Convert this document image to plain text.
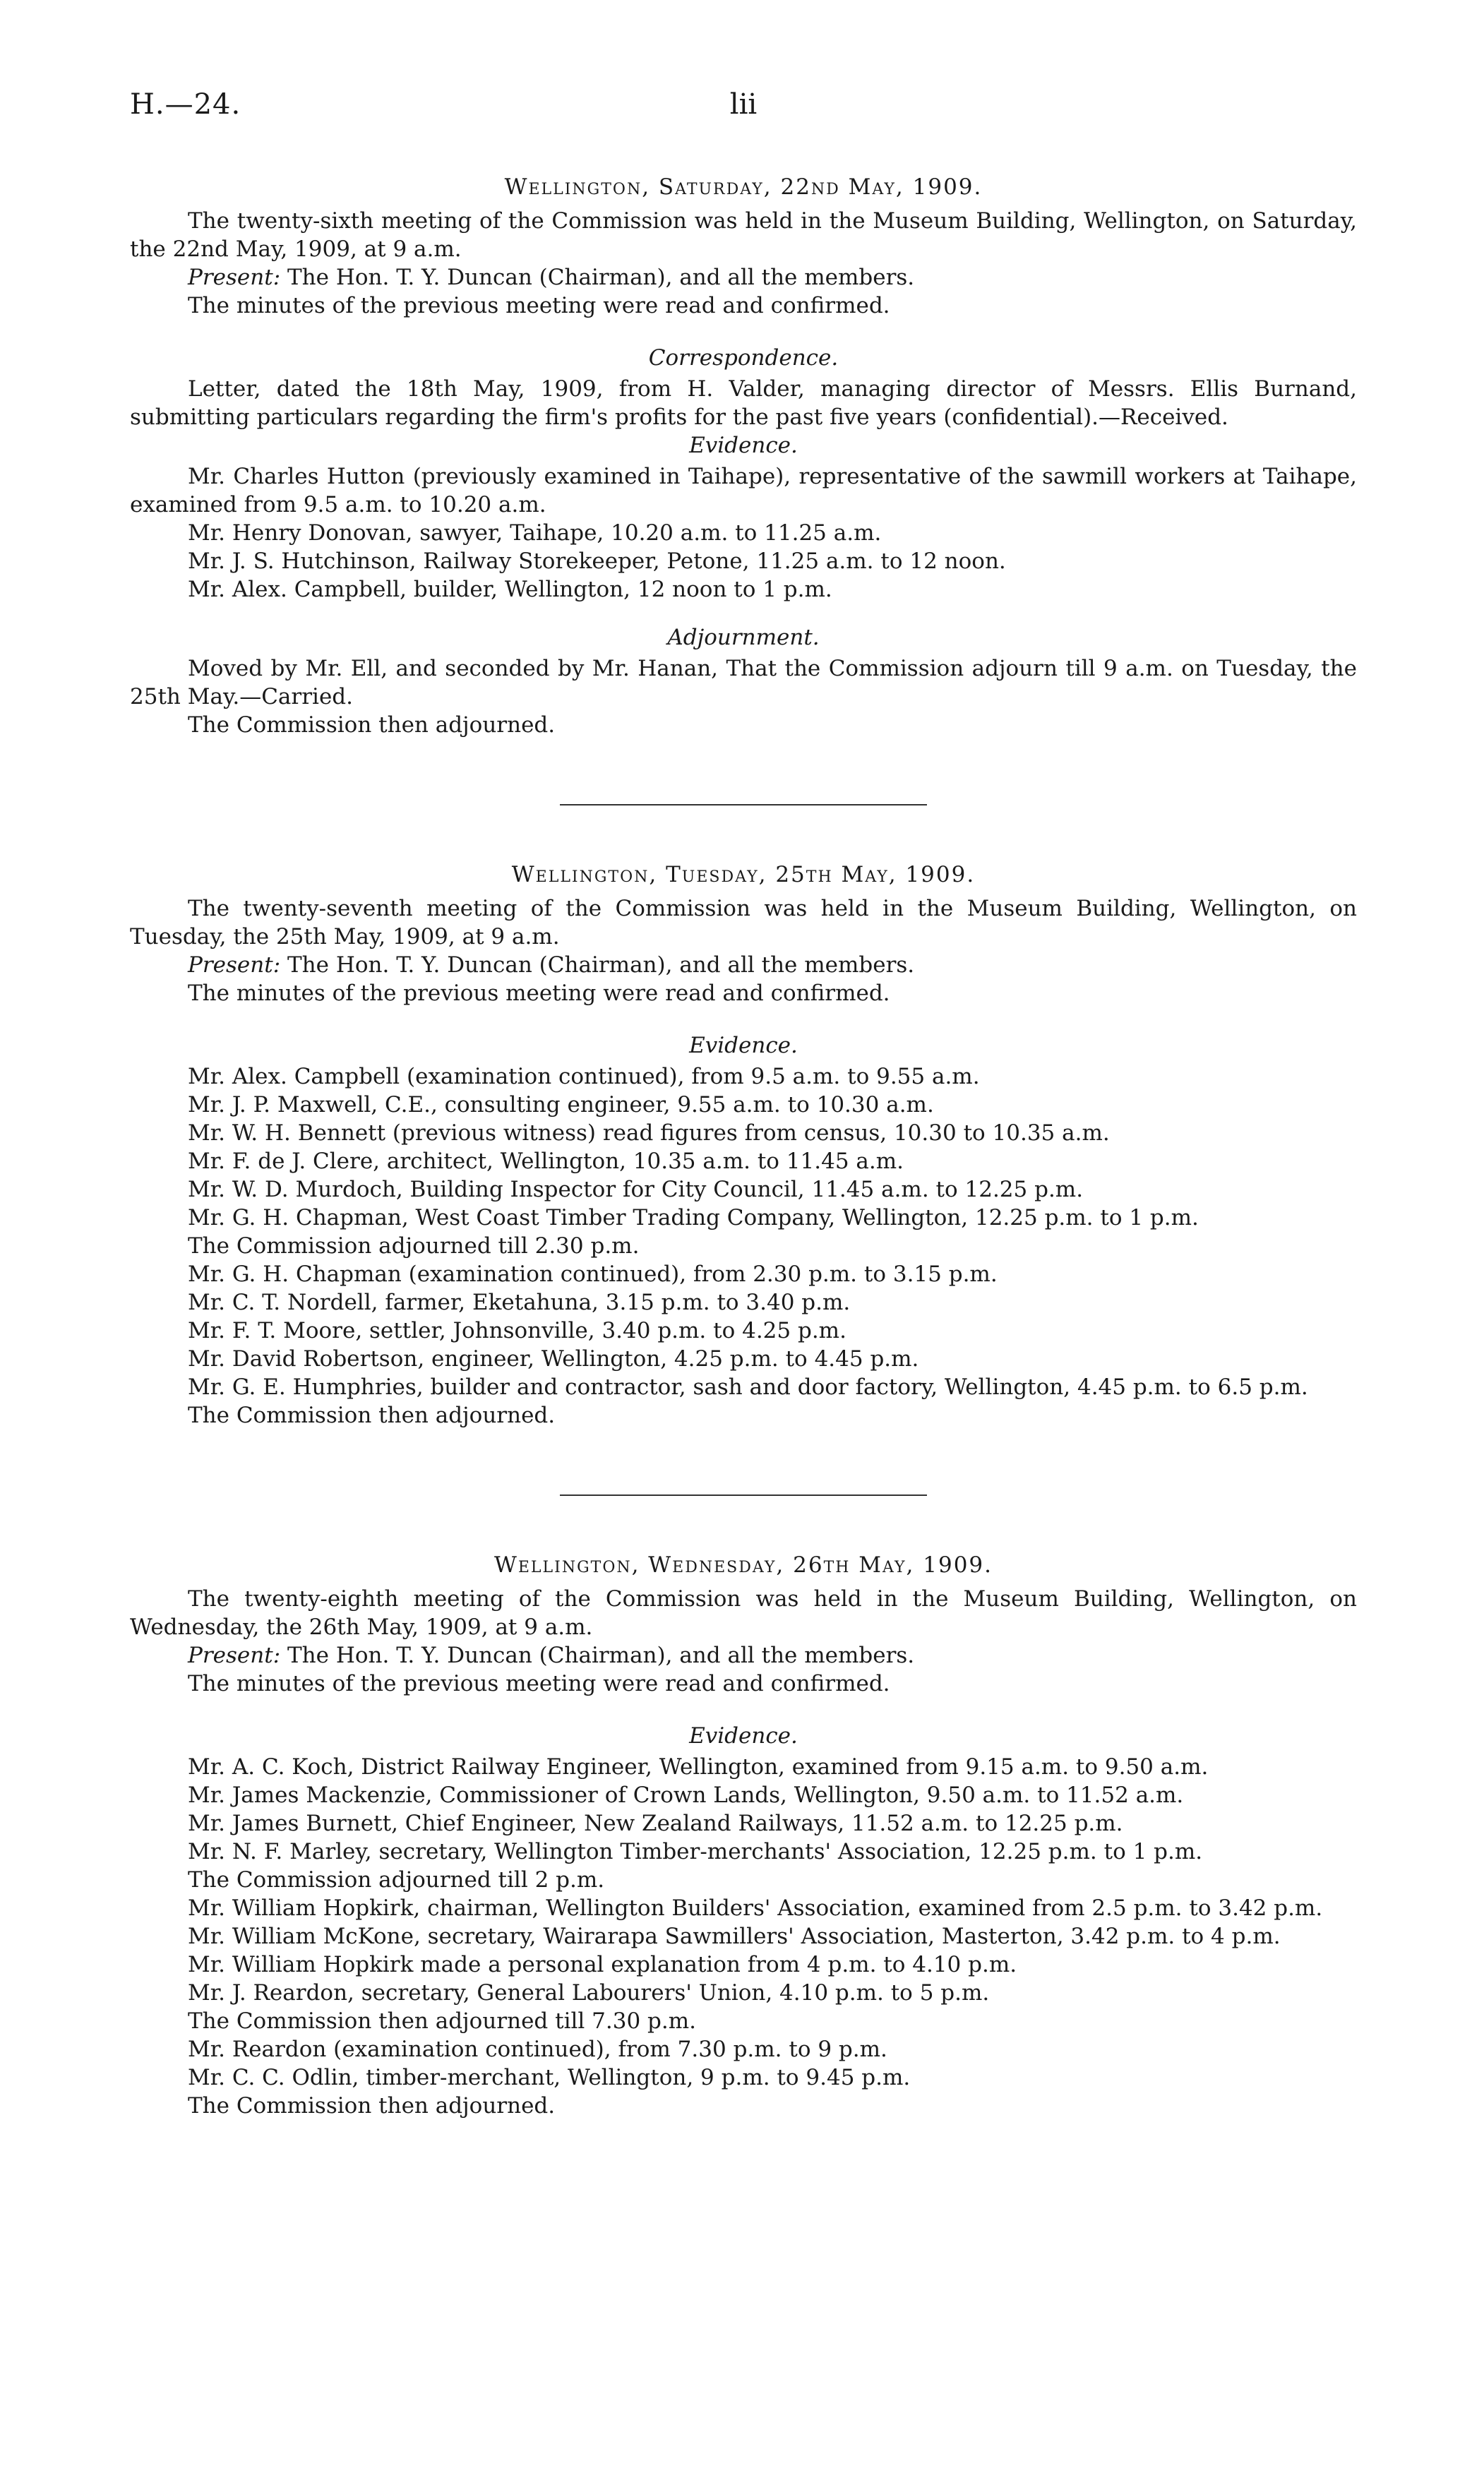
H.—24.	lii
Wellington, Saturday, 22nd May, 1909.

The twenty-sixth meeting of the Commission was held in the Museum Building, Wellington, on Saturday, the 22nd May, 1909, at 9 a.m.

Present: The Hon. T. Y. Duncan (Chairman), and all the members.

The minutes of the previous meeting were read and confirmed.

Correspondence.

Letter, dated the 18th May, 1909, from H. Valder, managing director of Messrs. Ellis Burnand, submitting particulars regarding the firm's profits for the past five years (confidential).—Received.

Evidence.

Mr. Charles Hutton (previously examined in Taihape), representative of the sawmill workers at Taihape, examined from 9.5 a.m. to 10.20 a.m.

Mr. Henry Donovan, sawyer, Taihape, 10.20 a.m. to 11.25 a.m.

Mr. J. S. Hutchinson, Railway Storekeeper, Petone, 11.25 a.m. to 12 noon.

Mr. Alex. Campbell, builder, Wellington, 12 noon to 1 p.m.

Adjournment.

Moved by Mr. Ell, and seconded by Mr. Hanan, That the Commission adjourn till 9 a.m. on Tuesday, the 25th May.—Carried.

The Commission then adjourned.

Wellington, Tuesday, 25th May, 1909.

The twenty-seventh meeting of the Commission was held in the Museum Building, Wellington, on Tuesday, the 25th May, 1909, at 9 a.m.

Present: The Hon. T. Y. Duncan (Chairman), and all the members.

The minutes of the previous meeting were read and confirmed.

Evidence.

Mr. Alex. Campbell (examination continued), from 9.5 a.m. to 9.55 a.m.

Mr. J. P. Maxwell, C.E., consulting engineer, 9.55 a.m. to 10.30 a.m.

Mr. W. H. Bennett (previous witness) read figures from census, 10.30 to 10.35 a.m.

Mr. F. de J. Clere, architect, Wellington, 10.35 a.m. to 11.45 a.m.

Mr. W. D. Murdoch, Building Inspector for City Council, 11.45 a.m. to 12.25 p.m.

Mr. G. H. Chapman, West Coast Timber Trading Company, Wellington, 12.25 p.m. to 1 p.m.

The Commission adjourned till 2.30 p.m.

Mr. G. H. Chapman (examination continued), from 2.30 p.m. to 3.15 p.m.

Mr. C. T. Nordell, farmer, Eketahuna, 3.15 p.m. to 3.40 p.m.

Mr. F. T. Moore, settler, Johnsonville, 3.40 p.m. to 4.25 p.m.

Mr. David Robertson, engineer, Wellington, 4.25 p.m. to 4.45 p.m.

Mr. G. E. Humphries, builder and contractor, sash and door factory, Wellington, 4.45 p.m. to 6.5 p.m.

The Commission then adjourned.

Wellington, Wednesday, 26th May, 1909.

The twenty-eighth meeting of the Commission was held in the Museum Building, Wellington, on Wednesday, the 26th May, 1909, at 9 a.m.

Present: The Hon. T. Y. Duncan (Chairman), and all the members.

The minutes of the previous meeting were read and confirmed.

Evidence.

Mr. A. C. Koch, District Railway Engineer, Wellington, examined from 9.15 a.m. to 9.50 a.m.

Mr. James Mackenzie, Commissioner of Crown Lands, Wellington, 9.50 a.m. to 11.52 a.m.

Mr. James Burnett, Chief Engineer, New Zealand Railways, 11.52 a.m. to 12.25 p.m.

Mr. N. F. Marley, secretary, Wellington Timber-merchants' Association, 12.25 p.m. to 1 p.m.

The Commission adjourned till 2 p.m.

Mr. William Hopkirk, chairman, Wellington Builders' Association, examined from 2.5 p.m. to 3.42 p.m.

Mr. William McKone, secretary, Wairarapa Sawmillers' Association, Masterton, 3.42 p.m. to 4 p.m.

Mr. William Hopkirk made a personal explanation from 4 p.m. to 4.10 p.m.

Mr. J. Reardon, secretary, General Labourers' Union, 4.10 p.m. to 5 p.m.

The Commission then adjourned till 7.30 p.m.

Mr. Reardon (examination continued), from 7.30 p.m. to 9 p.m.

Mr. C. C. Odlin, timber-merchant, Wellington, 9 p.m. to 9.45 p.m.

The Commission then adjourned.
